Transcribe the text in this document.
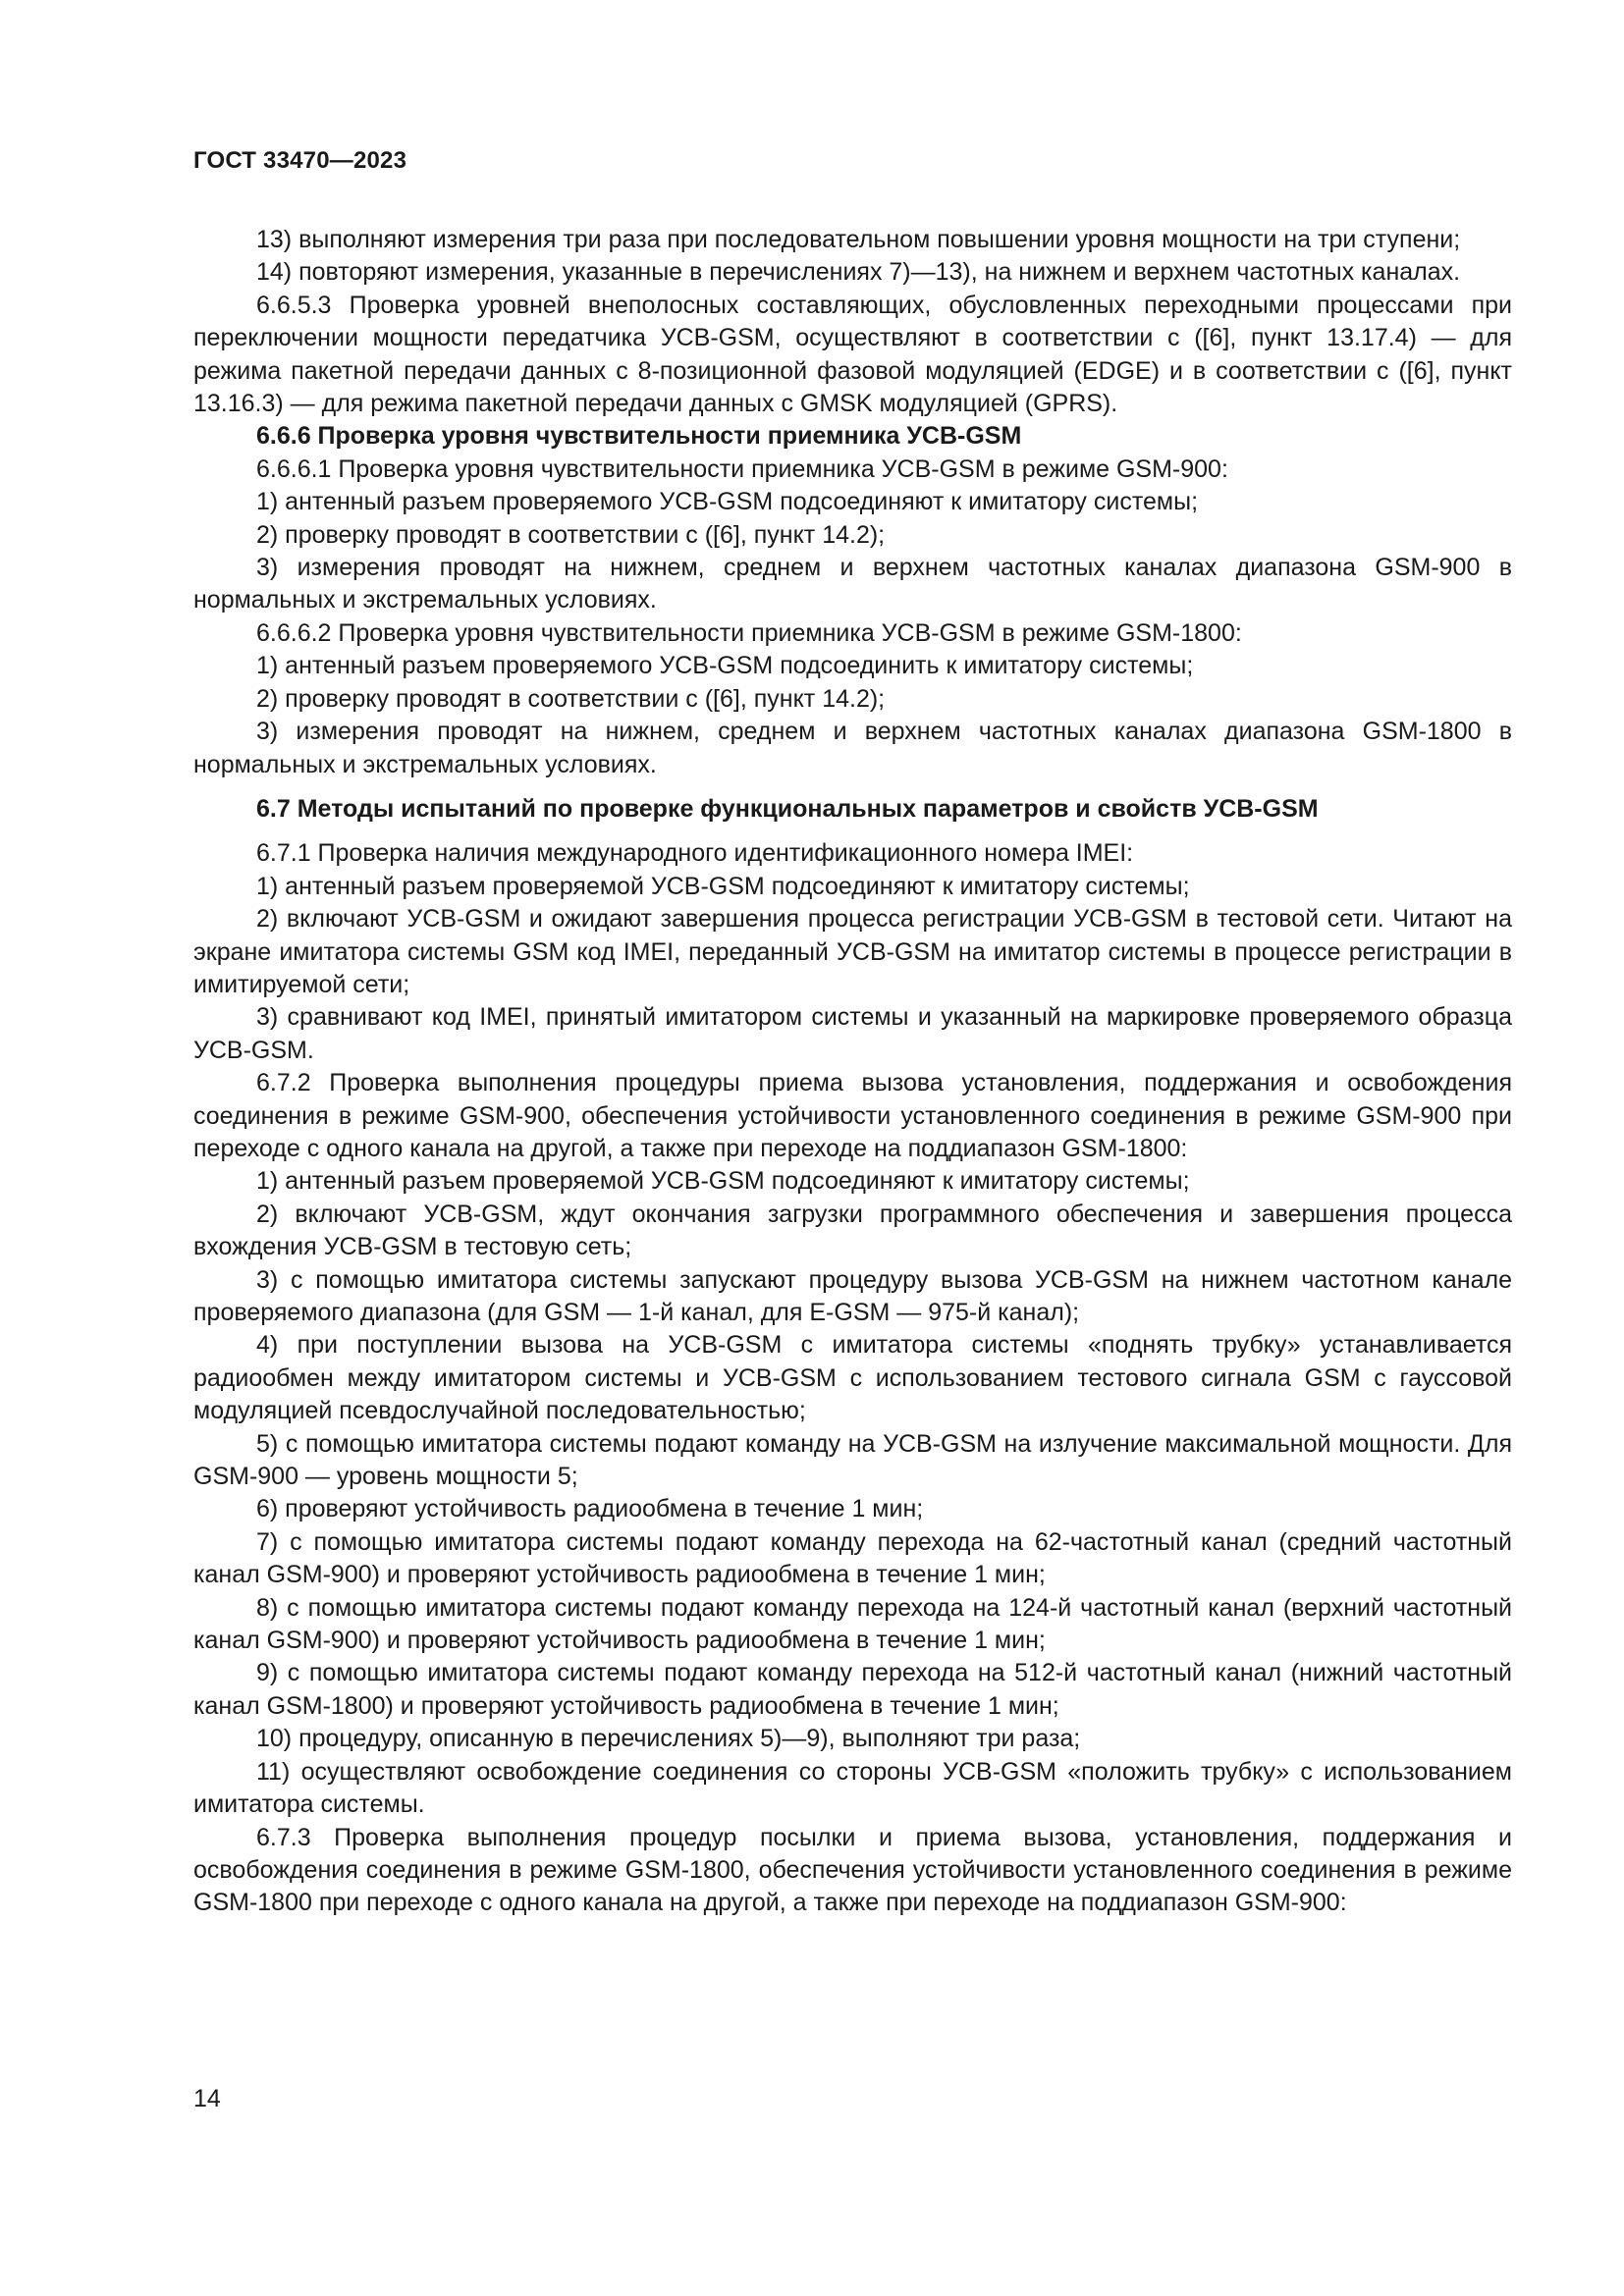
ГОСТ 33470—2023

13) выполняют измерения три раза при последовательном повышении уровня мощности на три ступени;

14) повторяют измерения, указанные в перечислениях 7)—13), на нижнем и верхнем частотных каналах.

6.6.5.3 Проверка уровней внеполосных составляющих, обусловленных переходными процессами при переключении мощности передатчика УСВ-GSM, осуществляют в соответствии с ([6], пункт 13.17.4) — для режима пакетной передачи данных с 8-позиционной фазовой модуляцией (EDGE) и в соответствии с ([6], пункт 13.16.3) — для режима пакетной передачи данных с GMSK модуляцией (GPRS).

6.6.6 Проверка уровня чувствительности приемника УСВ-GSM

6.6.6.1 Проверка уровня чувствительности приемника УСВ-GSM в режиме GSM-900:

1) антенный разъем проверяемого УСВ-GSM подсоединяют к имитатору системы;

2) проверку проводят в соответствии с ([6], пункт 14.2);

3) измерения проводят на нижнем, среднем и верхнем частотных каналах диапазона GSM-900 в нормальных и экстремальных условиях.

6.6.6.2 Проверка уровня чувствительности приемника УСВ-GSM в режиме GSM-1800:

1) антенный разъем проверяемого УСВ-GSM подсоединить к имитатору системы;

2) проверку проводят в соответствии с ([6], пункт 14.2);

3) измерения проводят на нижнем, среднем и верхнем частотных каналах диапазона GSM-1800 в нормальных и экстремальных условиях.

6.7 Методы испытаний по проверке функциональных параметров и свойств УСВ-GSM

6.7.1 Проверка наличия международного идентификационного номера IMEI:

1) антенный разъем проверяемой УСВ-GSM подсоединяют к имитатору системы;

2) включают УСВ-GSM и ожидают завершения процесса регистрации УСВ-GSM в тестовой сети. Читают на экране имитатора системы GSM код IMEI, переданный УСВ-GSM на имитатор системы в процессе регистрации в имитируемой сети;

3) сравнивают код IMEI, принятый имитатором системы и указанный на маркировке проверяемого образца УСВ-GSM.

6.7.2 Проверка выполнения процедуры приема вызова установления, поддержания и освобождения соединения в режиме GSM-900, обеспечения устойчивости установленного соединения в режиме GSM-900 при переходе с одного канала на другой, а также при переходе на поддиапазон GSM-1800:

1) антенный разъем проверяемой УСВ-GSM подсоединяют к имитатору системы;

2) включают УСВ-GSM, ждут окончания загрузки программного обеспечения и завершения процесса вхождения УСВ-GSM в тестовую сеть;

3) с помощью имитатора системы запускают процедуру вызова УСВ-GSM на нижнем частотном канале проверяемого диапазона (для GSM — 1-й канал, для E-GSM — 975-й канал);

4) при поступлении вызова на УСВ-GSM с имитатора системы «поднять трубку» устанавливается радиообмен между имитатором системы и УСВ-GSM с использованием тестового сигнала GSM с гауссовой модуляцией псевдослучайной последовательностью;

5) с помощью имитатора системы подают команду на УСВ-GSM на излучение максимальной мощности. Для GSM-900 — уровень мощности 5;

6) проверяют устойчивость радиообмена в течение 1 мин;

7) с помощью имитатора системы подают команду перехода на 62-частотный канал (средний частотный канал GSM-900) и проверяют устойчивость радиообмена в течение 1 мин;

8) с помощью имитатора системы подают команду перехода на 124-й частотный канал (верхний частотный канал GSM-900) и проверяют устойчивость радиообмена в течение 1 мин;

9) с помощью имитатора системы подают команду перехода на 512-й частотный канал (нижний частотный канал GSM-1800) и проверяют устойчивость радиообмена в течение 1 мин;

10) процедуру, описанную в перечислениях 5)—9), выполняют три раза;

11) осуществляют освобождение соединения со стороны УСВ-GSM «положить трубку» с использованием имитатора системы.

6.7.3 Проверка выполнения процедур посылки и приема вызова, установления, поддержания и освобождения соединения в режиме GSM-1800, обеспечения устойчивости установленного соединения в режиме GSM-1800 при переходе с одного канала на другой, а также при переходе на поддиапазон GSM-900:

14
